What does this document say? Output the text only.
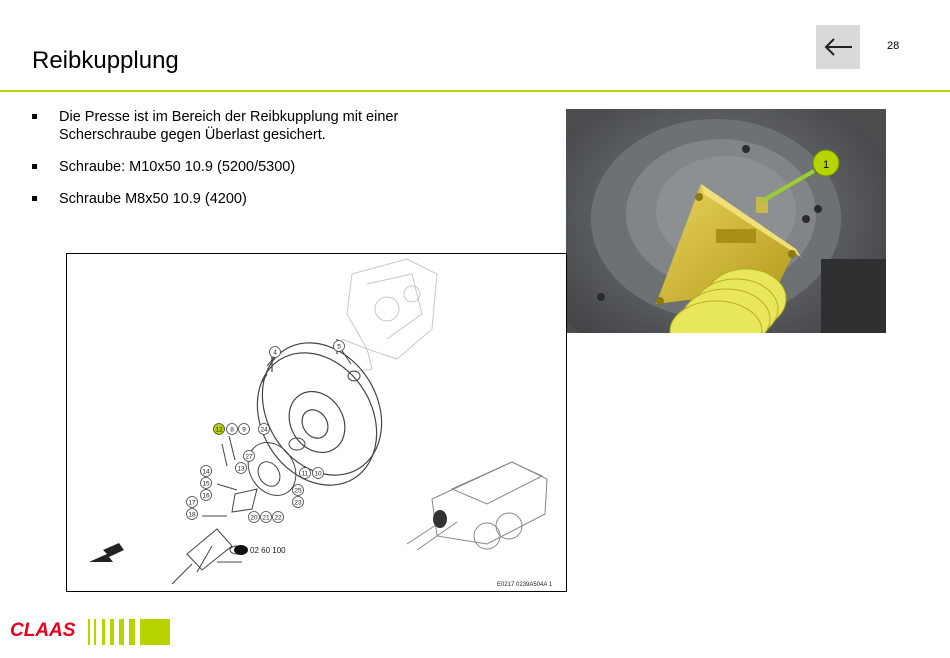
Reibkupplung
28
Die Presse ist im Bereich der Reibkupplung mit einer Scherschraube gegen Überlast gesichert.
Schraube: M10x50 10.9 (5200/5300)
Schraube M8x50 10.9 (4200)
1
02 60 100
E0217 0239A504A 1
12 8 9 24
27
14	13
15
16
17
18
4
5
11 10
25
23
20 21 22
CLAAS
